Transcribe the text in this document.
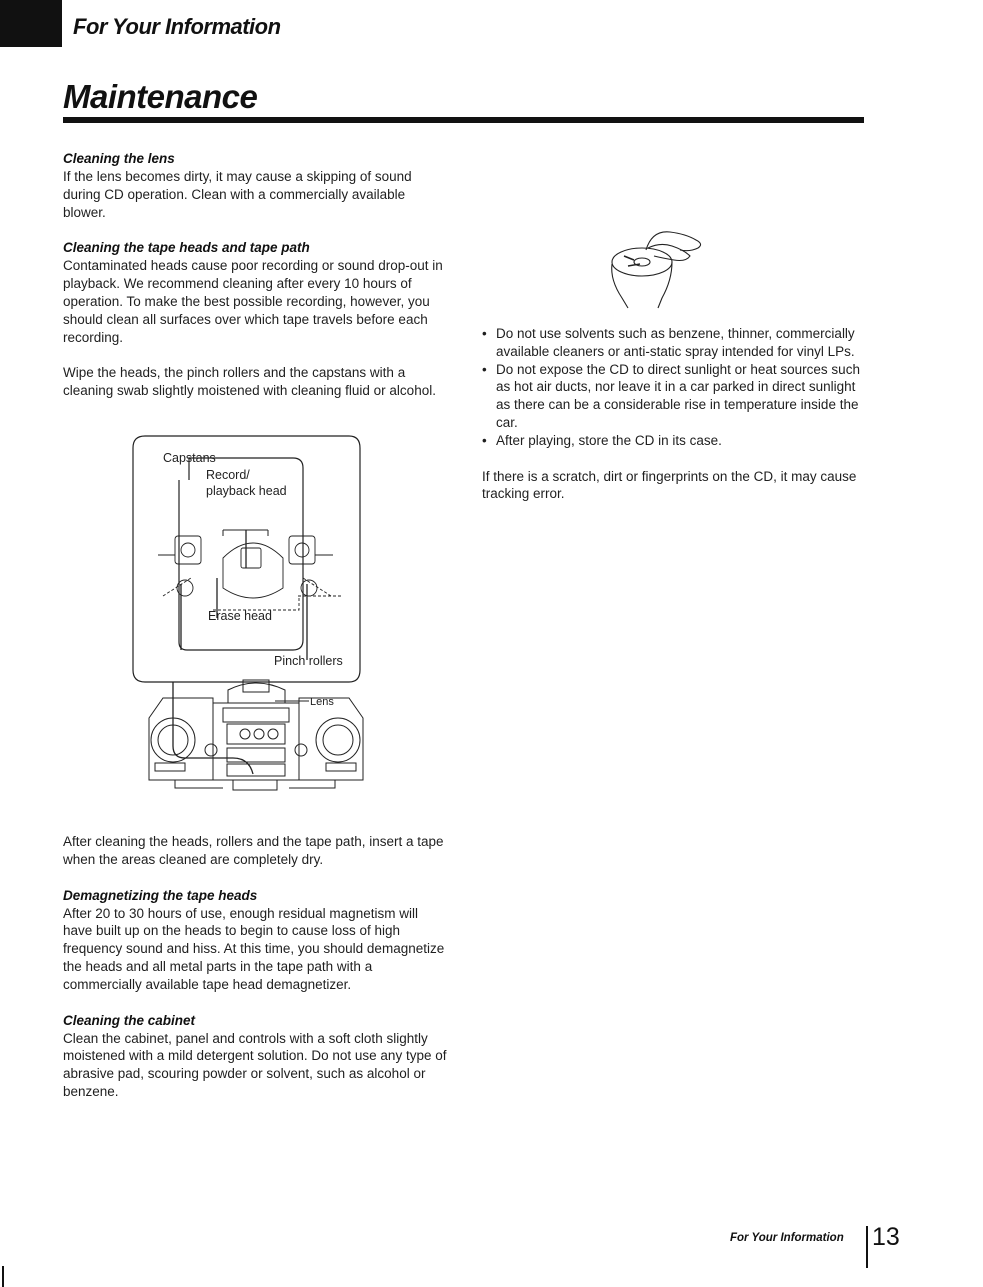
For Your Information
Maintenance
Cleaning the lens

If the lens becomes dirty, it may cause a skipping of sound during CD operation. Clean with a commercially available blower.

Cleaning the tape heads and tape path

Contaminated heads cause poor recording or sound drop-out in playback. We recommend cleaning after every 10 hours of operation. To make the best possible recording, however, you should clean all surfaces over which tape travels before each recording.

Wipe the heads, the pinch rollers and the capstans with a cleaning swab slightly moistened with cleaning fluid or alcohol.

Capstans
Record/
playback head
Erase head
Pinch rollers
Lens

After cleaning the heads, rollers and the tape path, insert a tape when the areas cleaned are completely dry.

Demagnetizing the tape heads

After 20 to 30 hours of use, enough residual magnetism will have built up on the heads to begin to cause loss of high frequency sound and hiss. At this time, you should demagnetize the heads and all metal parts in the tape path with a commercially available tape head demagnetizer.

Cleaning the cabinet

Clean the cabinet, panel and controls with a soft cloth slightly moistened with a mild detergent solution. Do not use any type of abrasive pad, scouring powder or solvent, such as alcohol or benzene.

• Do not use solvents such as benzene, thinner, commercially available cleaners or anti-static spray intended for vinyl LPs.
• Do not expose the CD to direct sunlight or heat sources such as hot air ducts, nor leave it in a car parked in direct sunlight as there can be a considerable rise in temperature inside the car.
• After playing, store the CD in its case.

If there is a scratch, dirt or fingerprints on the CD, it may cause tracking error.

For Your Information 13
